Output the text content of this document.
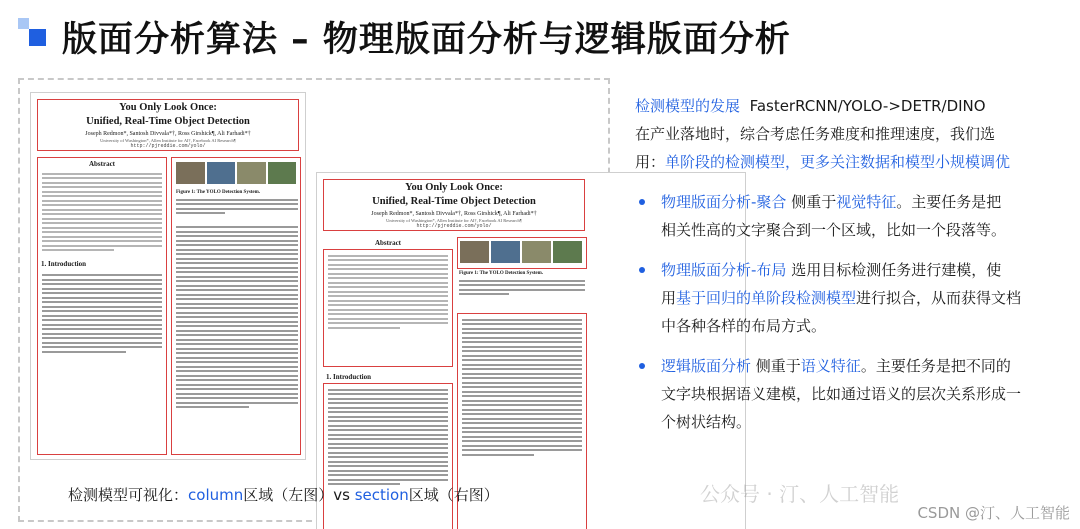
版面分析算法 – 物理版面分析与逻辑版面分析
You Only Look Once:
Unified, Real-Time Object Detection
Joseph Redmon*, Santosh Divvala*†, Ross Girshick¶, Ali Farhadi*†
University of Washington*, Allen Institute for AI†, Facebook AI Research¶
http://pjreddie.com/yolo/
Abstract
1. Introduction
Figure 1: The YOLO Detection System.	You Only Look Once:
Unified, Real-Time Object Detection
Joseph Redmon*, Santosh Divvala*†, Ross Girshick¶, Ali Farhadi*†
University of Washington*, Allen Institute for AI†, Facebook AI Research¶
http://pjreddie.com/yolo/
Abstract
1. Introduction
Figure 1: The YOLO Detection System.
检测模型可视化：column区域（左图）vs section区域（右图）
检测模型的发展 FasterRCNN/YOLO->DETR/DINO
在产业落地时，综合考虑任务难度和推理速度，我们选
用：单阶段的检测模型，更多关注数据和模型小规模调优
物理版面分析-聚合 侧重于视觉特征。主要任务是把
相关性高的文字聚合到一个区域，比如一个段落等。
物理版面分析-布局 选用目标检测任务进行建模，使
用基于回归的单阶段检测模型进行拟合，从而获得文档
中各种各样的布局方式。
逻辑版面分析 侧重于语义特征。主要任务是把不同的
文字块根据语义建模，比如通过语义的层次关系形成一
个树状结构。
公众号 · 汀、人工智能
CSDN @汀、人工智能
